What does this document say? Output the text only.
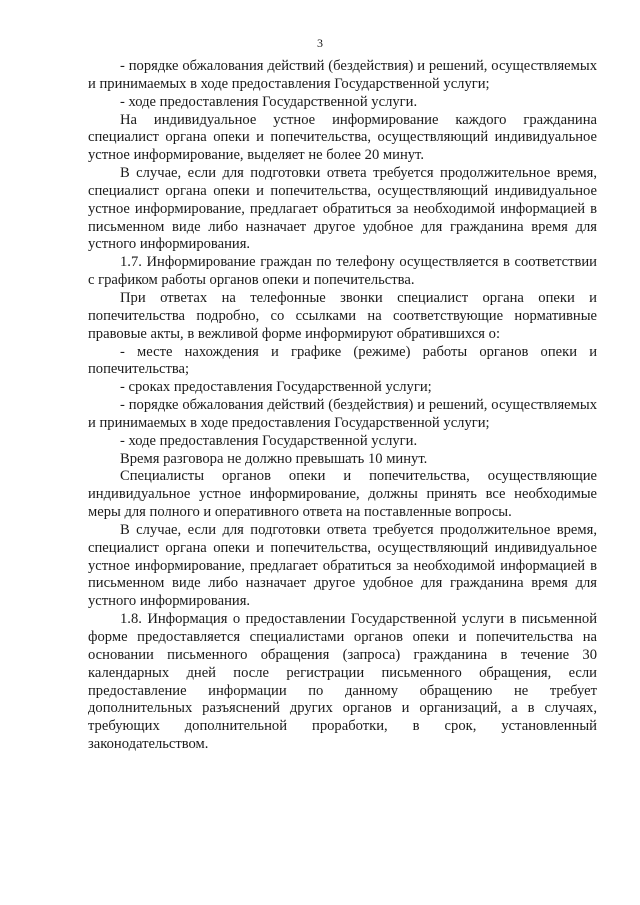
3

- порядке обжалования действий (бездействия) и решений, осуществляемых и принимаемых в ходе предоставления Государственной услуги;

- ходе предоставления Государственной услуги.

На индивидуальное устное информирование каждого гражданина специалист органа опеки и попечительства, осуществляющий индивидуальное устное информирование, выделяет не более 20 минут.

В случае, если для подготовки ответа требуется продолжительное время, специалист органа опеки и попечительства, осуществляющий индивидуальное устное информирование, предлагает обратиться за необходимой информацией в письменном виде либо назначает другое удобное для гражданина время для устного информирования.

1.7. Информирование граждан по телефону осуществляется в соответствии с графиком работы органов опеки и попечительства.

При ответах на телефонные звонки специалист органа опеки и попечительства подробно, со ссылками на соответствующие нормативные правовые акты, в вежливой форме информируют обратившихся о:

- месте нахождения и графике (режиме) работы органов опеки и попечительства;

- сроках предоставления Государственной услуги;

- порядке обжалования действий (бездействия) и решений, осуществляемых и принимаемых в ходе предоставления Государственной услуги;

- ходе предоставления Государственной услуги.

Время разговора не должно превышать 10 минут.

Специалисты органов опеки и попечительства, осуществляющие индивидуальное устное информирование, должны принять все необходимые меры для полного и оперативного ответа на поставленные вопросы.

В случае, если для подготовки ответа требуется продолжительное время, специалист органа опеки и попечительства, осуществляющий индивидуальное устное информирование, предлагает обратиться за необходимой информацией в письменном виде либо назначает другое удобное для гражданина время для устного информирования.

1.8. Информация о предоставлении Государственной услуги в письменной форме предоставляется специалистами органов опеки и попечительства на основании письменного обращения (запроса) гражданина в течение 30 календарных дней после регистрации письменного обращения, если предоставление информации по данному обращению не требует дополнительных разъяснений других органов и организаций, а в случаях, требующих дополнительной проработки, в срок, установленный законодательством.
